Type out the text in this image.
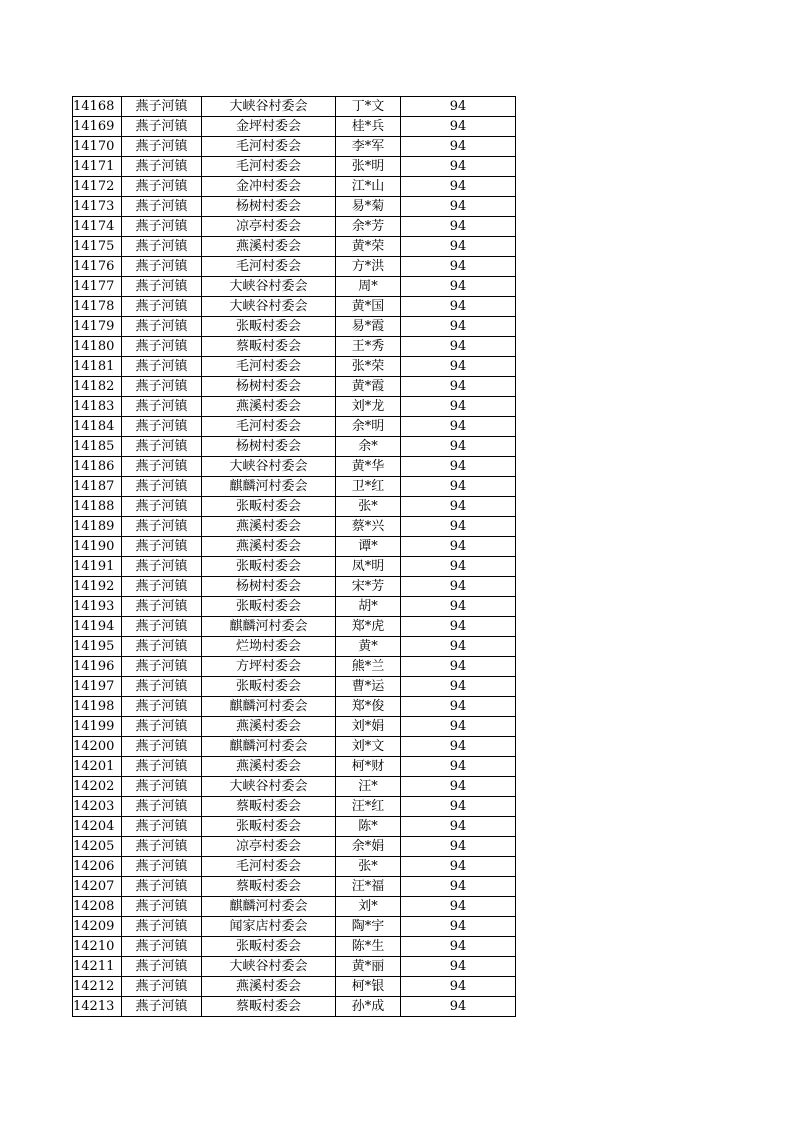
14168	燕子河镇	大峡谷村委会	丁*文	94
14169	燕子河镇	金坪村委会	桂*兵	94
14170	燕子河镇	毛河村委会	李*军	94
14171	燕子河镇	毛河村委会	张*明	94
14172	燕子河镇	金冲村委会	江*山	94
14173	燕子河镇	杨树村委会	易*菊	94
14174	燕子河镇	凉亭村委会	余*芳	94
14175	燕子河镇	燕溪村委会	黄*荣	94
14176	燕子河镇	毛河村委会	方*洪	94
14177	燕子河镇	大峡谷村委会	周*	94
14178	燕子河镇	大峡谷村委会	黄*国	94
14179	燕子河镇	张畈村委会	易*霞	94
14180	燕子河镇	蔡畈村委会	王*秀	94
14181	燕子河镇	毛河村委会	张*荣	94
14182	燕子河镇	杨树村委会	黄*霞	94
14183	燕子河镇	燕溪村委会	刘*龙	94
14184	燕子河镇	毛河村委会	余*明	94
14185	燕子河镇	杨树村委会	余*	94
14186	燕子河镇	大峡谷村委会	黄*华	94
14187	燕子河镇	麒麟河村委会	卫*红	94
14188	燕子河镇	张畈村委会	张*	94
14189	燕子河镇	燕溪村委会	蔡*兴	94
14190	燕子河镇	燕溪村委会	谭*	94
14191	燕子河镇	张畈村委会	凤*明	94
14192	燕子河镇	杨树村委会	宋*芳	94
14193	燕子河镇	张畈村委会	胡*	94
14194	燕子河镇	麒麟河村委会	郑*虎	94
14195	燕子河镇	烂坳村委会	黄*	94
14196	燕子河镇	方坪村委会	熊*兰	94
14197	燕子河镇	张畈村委会	曹*运	94
14198	燕子河镇	麒麟河村委会	郑*俊	94
14199	燕子河镇	燕溪村委会	刘*娟	94
14200	燕子河镇	麒麟河村委会	刘*文	94
14201	燕子河镇	燕溪村委会	柯*财	94
14202	燕子河镇	大峡谷村委会	汪*	94
14203	燕子河镇	蔡畈村委会	汪*红	94
14204	燕子河镇	张畈村委会	陈*	94
14205	燕子河镇	凉亭村委会	余*娟	94
14206	燕子河镇	毛河村委会	张*	94
14207	燕子河镇	蔡畈村委会	汪*福	94
14208	燕子河镇	麒麟河村委会	刘*	94
14209	燕子河镇	闻家店村委会	陶*宇	94
14210	燕子河镇	张畈村委会	陈*生	94
14211	燕子河镇	大峡谷村委会	黄*丽	94
14212	燕子河镇	燕溪村委会	柯*银	94
14213	燕子河镇	蔡畈村委会	孙*成	94
